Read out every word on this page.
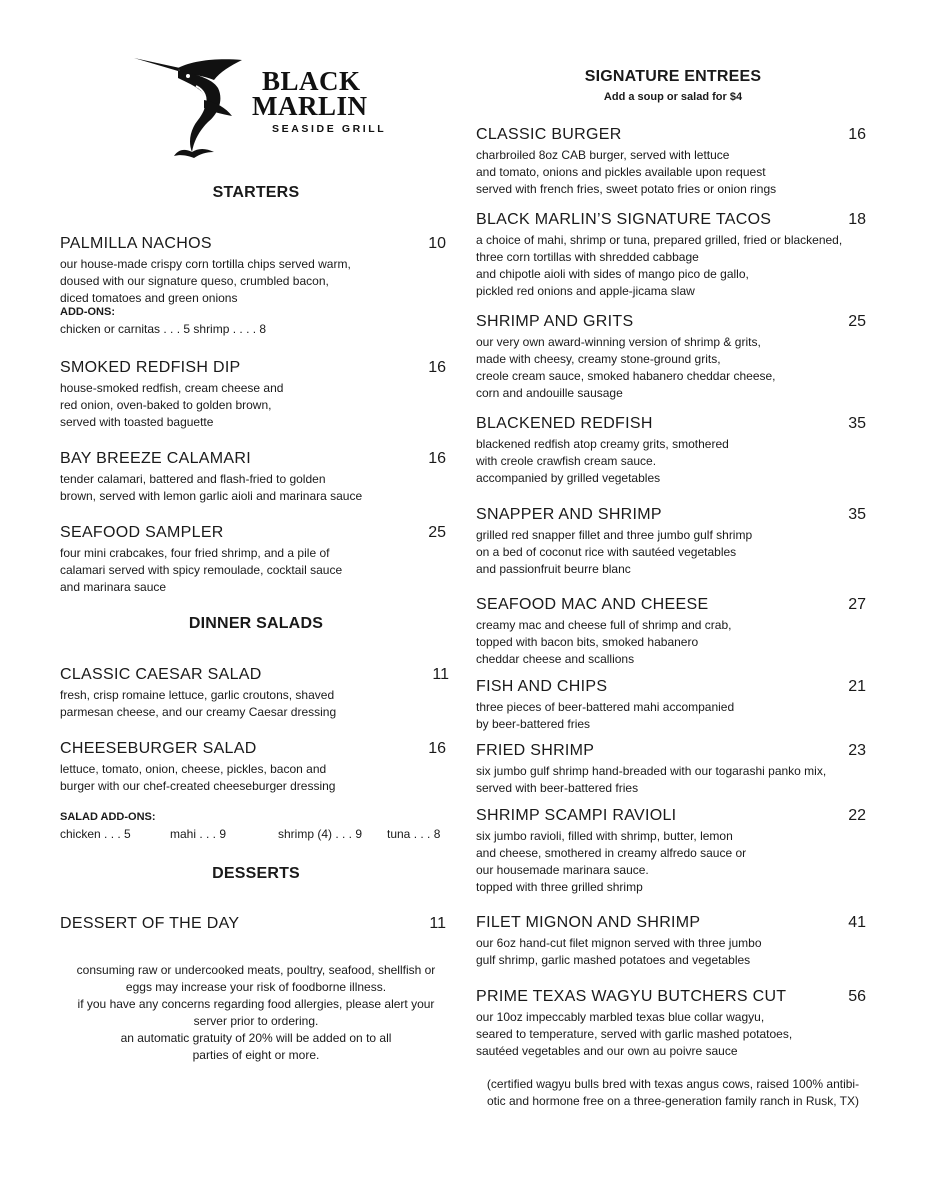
BLACK
MARLIN
SEASIDE GRILL
STARTERS
PALMILLA NACHOS	10
our house-made crispy corn tortilla chips served warm,
doused with our signature queso, crumbled bacon,
diced tomatoes and green onions
ADD-ONS:
chicken or carnitas . . . 5 shrimp . . . . 8
SMOKED REDFISH DIP	16
house-smoked redfish, cream cheese and
red onion, oven-baked to golden brown,
served with toasted baguette
BAY BREEZE CALAMARI	16
tender calamari, battered and flash-fried to golden
brown, served with lemon garlic aioli and marinara sauce
SEAFOOD SAMPLER	25
four mini crabcakes, four fried shrimp, and a pile of
calamari served with spicy remoulade, cocktail sauce
and marinara sauce
DINNER SALADS
CLASSIC CAESAR SALAD	11
fresh, crisp romaine lettuce, garlic croutons, shaved
parmesan cheese, and our creamy Caesar dressing
CHEESEBURGER SALAD	16
lettuce, tomato, onion, cheese, pickles, bacon and
burger with our chef-created cheeseburger dressing
SALAD ADD-ONS:
chicken . . . 5	mahi . . . 9	shrimp (4) . . . 9 tuna . . . 8
DESSERTS
DESSERT OF THE DAY	11
consuming raw or undercooked meats, poultry, seafood, shellfish or
eggs may increase your risk of foodborne illness.
if you have any concerns regarding food allergies, please alert your
server prior to ordering.
an automatic gratuity of 20% will be added on to all
parties of eight or more.
SIGNATURE ENTREES
Add a soup or salad for $4
CLASSIC BURGER	16
charbroiled 8oz CAB burger, served with lettuce
and tomato, onions and pickles available upon request
served with french fries, sweet potato fries or onion rings
BLACK MARLIN’S SIGNATURE TACOS	18
a choice of mahi, shrimp or tuna, prepared grilled, fried or blackened,
three corn tortillas with shredded cabbage
and chipotle aioli with sides of mango pico de gallo,
pickled red onions and apple-jicama slaw
SHRIMP AND GRITS	25
our very own award-winning version of shrimp & grits,
made with cheesy, creamy stone-ground grits,
creole cream sauce, smoked habanero cheddar cheese,
corn and andouille sausage
BLACKENED REDFISH	35
blackened redfish atop creamy grits, smothered
with creole crawfish cream sauce.
accompanied by grilled vegetables
SNAPPER AND SHRIMP	35
grilled red snapper fillet and three jumbo gulf shrimp
on a bed of coconut rice with sautéed vegetables
and passionfruit beurre blanc
SEAFOOD MAC AND CHEESE	27
creamy mac and cheese full of shrimp and crab,
topped with bacon bits, smoked habanero
cheddar cheese and scallions
FISH AND CHIPS	21
three pieces of beer-battered mahi accompanied
by beer-battered fries
FRIED SHRIMP	23
six jumbo gulf shrimp hand-breaded with our togarashi panko mix,
served with beer-battered fries
SHRIMP SCAMPI RAVIOLI	22
six jumbo ravioli, filled with shrimp, butter, lemon
and cheese, smothered in creamy alfredo sauce or
our housemade marinara sauce.
topped with three grilled shrimp
FILET MIGNON AND SHRIMP	41
our 6oz hand-cut filet mignon served with three jumbo
gulf shrimp, garlic mashed potatoes and vegetables
PRIME TEXAS WAGYU BUTCHERS CUT	56
our 10oz impeccably marbled texas blue collar wagyu,
seared to temperature, served with garlic mashed potatoes,
sautéed vegetables and our own au poivre sauce
(certified wagyu bulls bred with texas angus cows, raised 100% antibi-
otic and hormone free on a three-generation family ranch in Rusk, TX)
